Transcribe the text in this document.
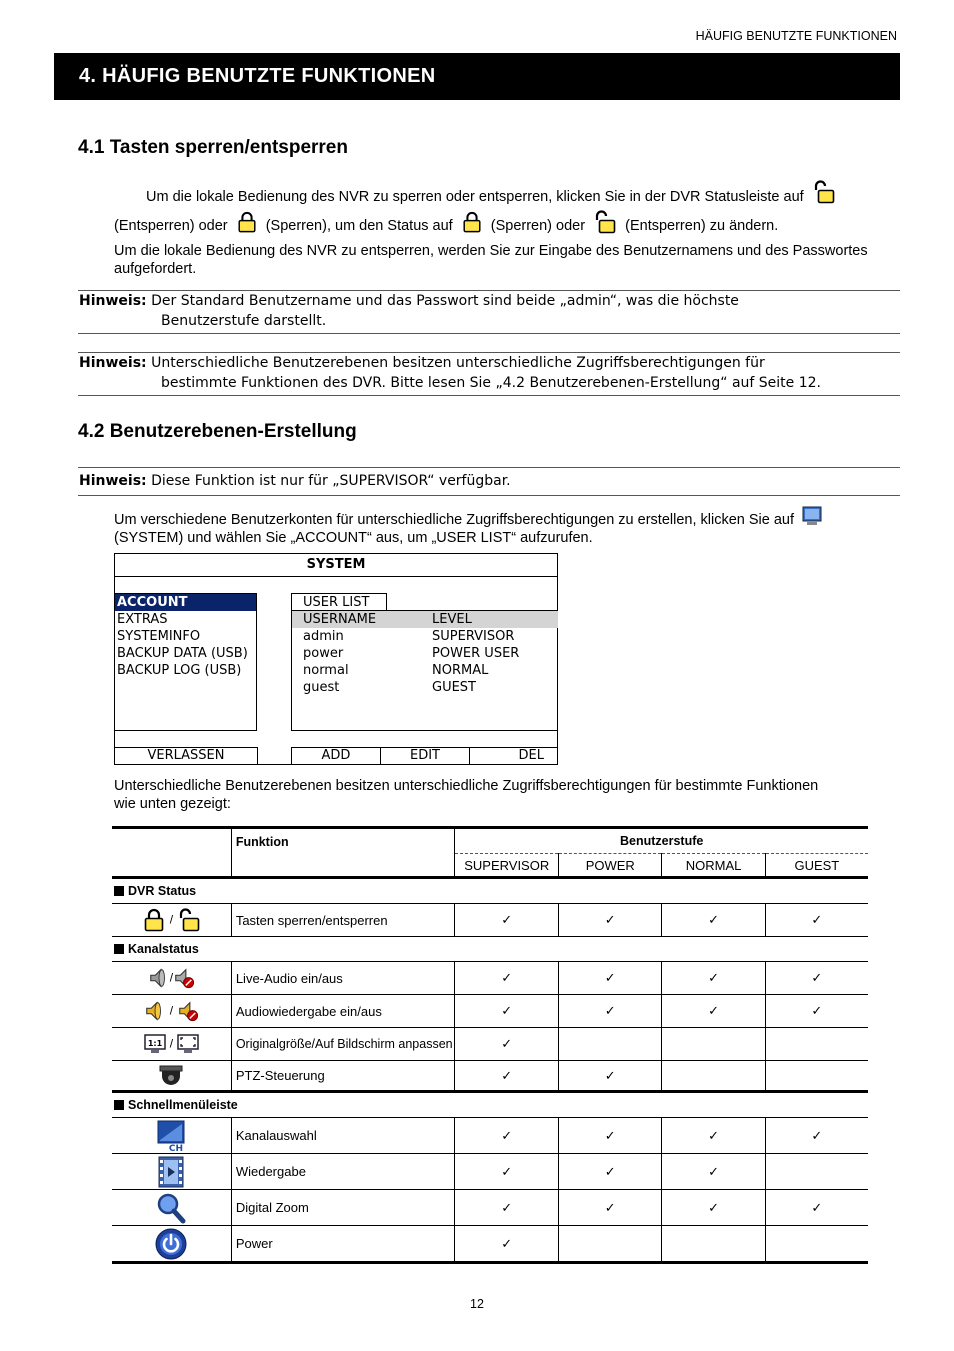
HÄUFIG BENUTZTE FUNKTIONEN
4. HÄUFIG BENUTZTE FUNKTIONEN
4.1 Tasten sperren/entsperren
Um die lokale Bedienung des NVR zu sperren oder entsperren, klicken Sie in der DVR Statusleiste auf
(Entsperren) oder	(Sperren), um den Status auf	(Sperren) oder	(Entsperren) zu ändern.
Um die lokale Bedienung des NVR zu entsperren, werden Sie zur Eingabe des Benutzernamens und des Passwortes aufgefordert.
Hinweis: Der Standard Benutzername und das Passwort sind beide „admin“, was die höchste
Benutzerstufe darstellt.
Hinweis: Unterschiedliche Benutzerebenen besitzen unterschiedliche Zugriffsberechtigungen für
bestimmte Funktionen des DVR. Bitte lesen Sie „4.2 Benutzerebenen-Erstellung“ auf Seite 12.
4.2 Benutzerebenen-Erstellung
Hinweis: Diese Funktion ist nur für „SUPERVISOR“ verfügbar.
Um verschiedene Benutzerkonten für unterschiedliche Zugriffsberechtigungen zu erstellen, klicken Sie auf
(SYSTEM) und wählen Sie „ACCOUNT“ aus, um „USER LIST“ aufzurufen.
SYSTEM
ACCOUNT
EXTRAS
SYSTEMINFO
BACKUP DATA (USB)
BACKUP LOG (USB)
USER LIST
USERNAME	LEVEL
admin	SUPERVISOR
power	POWER USER
normal	NORMAL
guest	GUEST
VERLASSEN	ADD	EDIT	DEL
Unterschiedliche Benutzerebenen besitzen unterschiedliche Zugriffsberechtigungen für bestimmte Funktionen
wie unten gezeigt:
	Funktion	Benutzerstufe			
		SUPERVISOR	POWER	NORMAL	GUEST
DVR Status					
/	Tasten sperren/entsperren	✓	✓	✓	✓
Kanalstatus					
/	Live-Audio ein/aus	✓	✓	✓	✓
/	Audiowiedergabe ein/aus	✓	✓	✓	✓

1:1 /	Originalgröße/Auf Bildschirm anpassen	✓			
	PTZ-Steuerung	✓	✓		
Schnellmenüleiste					

CH	Kanalauswahl	✓	✓	✓	✓
	Wiedergabe	✓	✓	✓	
	Digital Zoom	✓	✓	✓	✓
	Power	✓			
12
